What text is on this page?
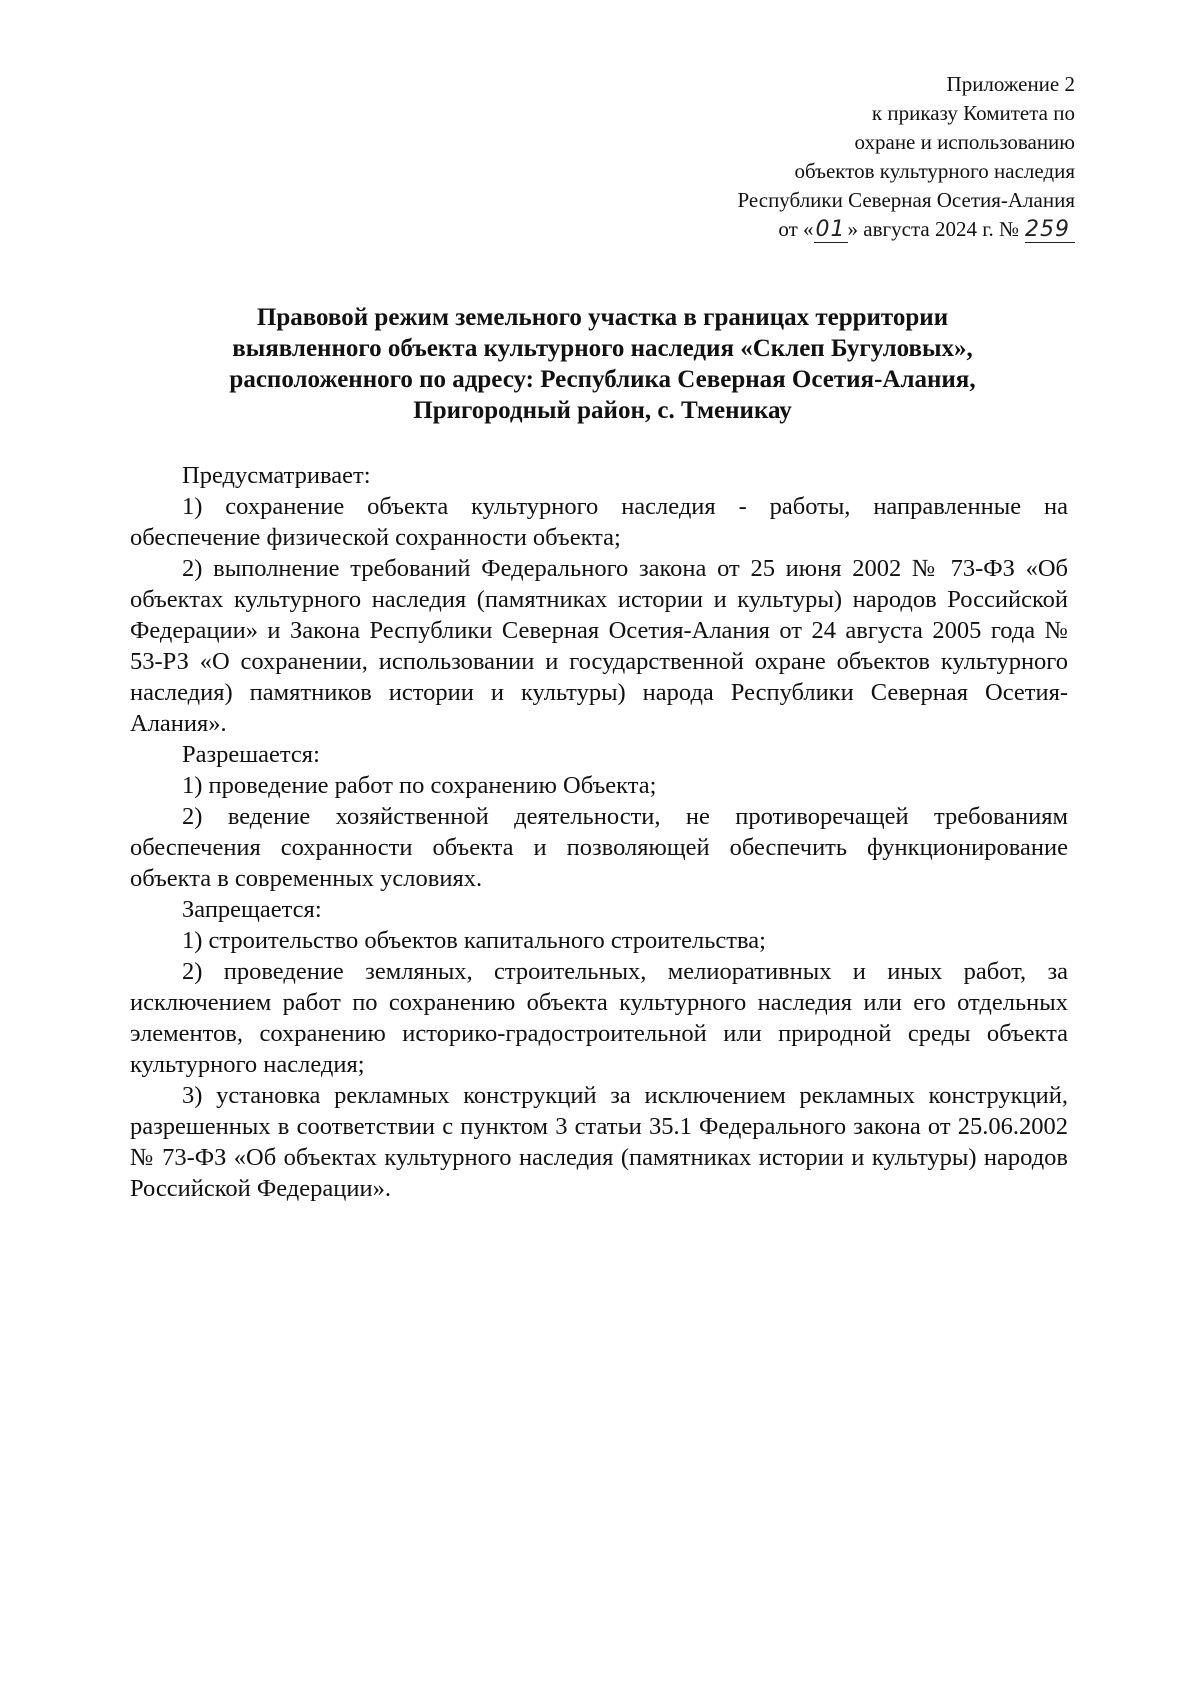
Приложение 2
к приказу Комитета по
охране и использованию
объектов культурного наследия
Республики Северная Осетия-Алания
от «01» августа 2024 г. № 259
Правовой режим земельного участка в границах территории
выявленного объекта культурного наследия «Склеп Бугуловых»,
расположенного по адресу: Республика Северная Осетия-Алания,
Пригородный район, с. Тменикау

Предусматривает:

1) сохранение объекта культурного наследия - работы, направленные на обеспечение физической сохранности объекта;

2) выполнение требований Федерального закона от 25 июня 2002 № 73-ФЗ «Об объектах культурного наследия (памятниках истории и культуры) народов Российской Федерации» и Закона Республики Северная Осетия-Алания от 24 августа 2005 года № 53-РЗ «О сохранении, использовании и государственной охране объектов культурного наследия) памятников истории и культуры) народа Республики Северная Осетия-Алания».

Разрешается:

1) проведение работ по сохранению Объекта;

2) ведение хозяйственной деятельности, не противоречащей требованиям обеспечения сохранности объекта и позволяющей обеспечить функционирование объекта в современных условиях.

Запрещается:

1) строительство объектов капитального строительства;

2) проведение земляных, строительных, мелиоративных и иных работ, за исключением работ по сохранению объекта культурного наследия или его отдельных элементов, сохранению историко-градостроительной или природной среды объекта культурного наследия;

3) установка рекламных конструкций за исключением рекламных конструкций, разрешенных в соответствии с пунктом 3 статьи 35.1 Федерального закона от 25.06.2002 № 73-ФЗ «Об объектах культурного наследия (памятниках истории и культуры) народов Российской Федерации».
